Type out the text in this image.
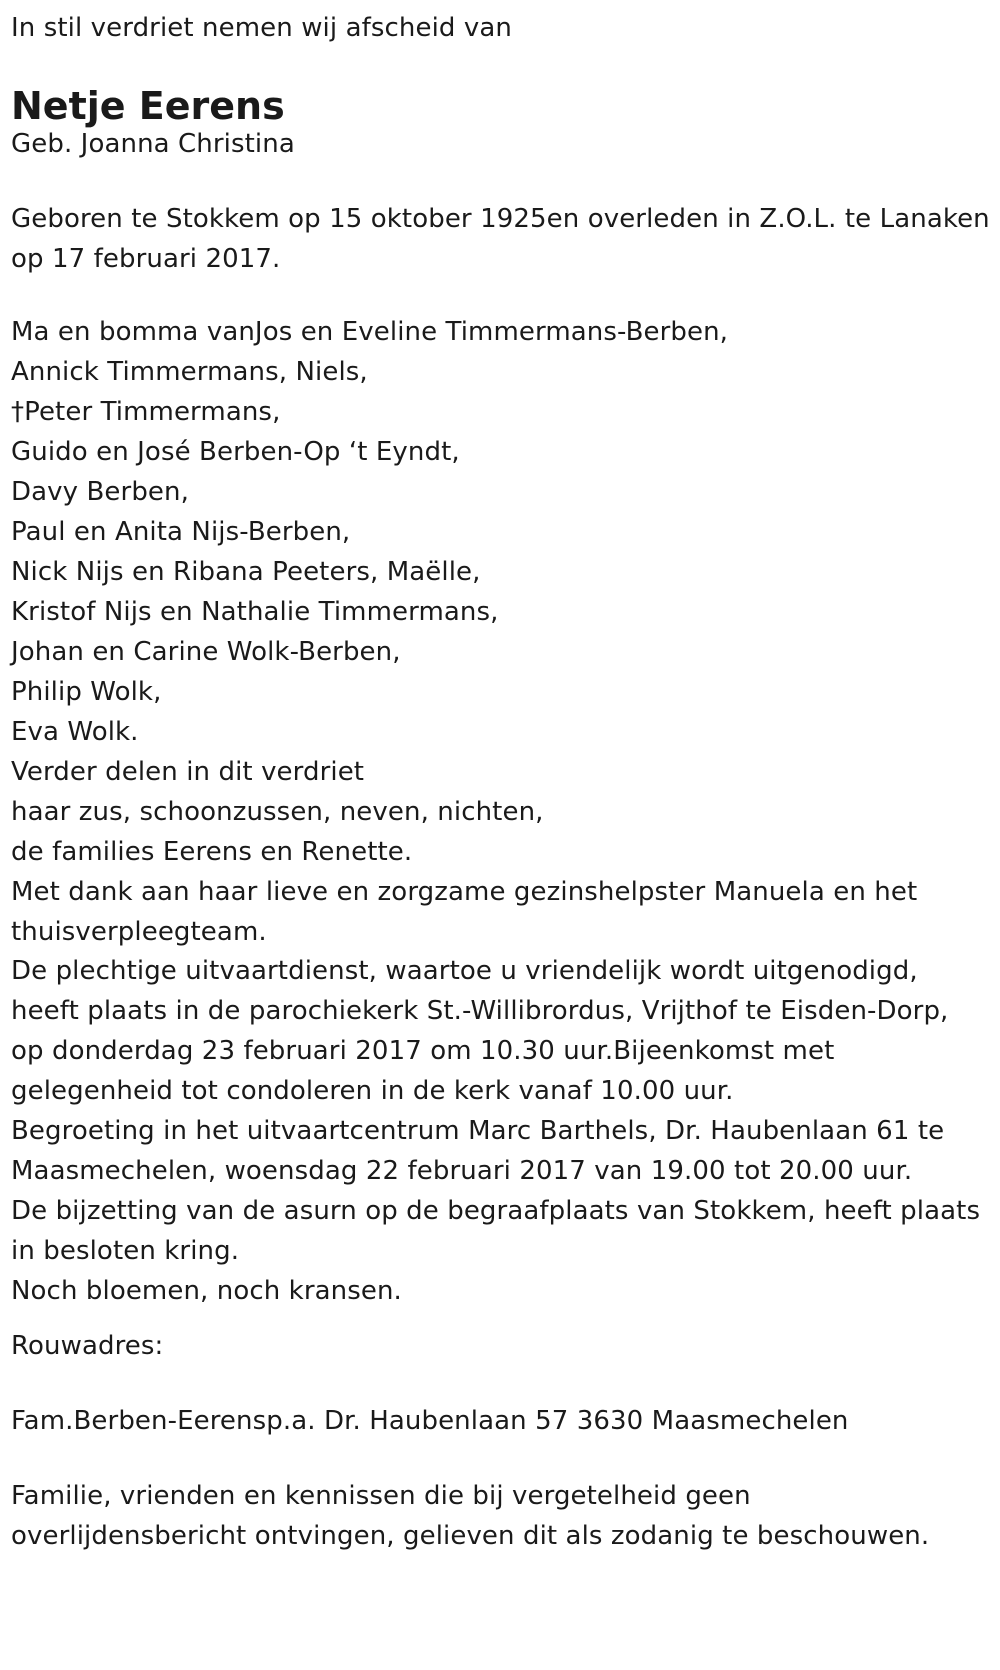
In stil verdriet nemen wij afscheid van
Netje Eerens
Geb. Joanna Christina
Geboren te Stokkem op 15 oktober 1925en overleden in Z.O.L. te Lanaken
op 17 februari 2017.
Ma en bomma vanJos en Eveline Timmermans-Berben,
Annick Timmermans, Niels,
†Peter Timmermans,
Guido en José Berben-Op ‘t Eyndt,
Davy Berben,
Paul en Anita Nijs-Berben,
Nick Nijs en Ribana Peeters, Maëlle,
Kristof Nijs en Nathalie Timmermans,
Johan en Carine Wolk-Berben,
Philip Wolk,
Eva Wolk.
Verder delen in dit verdriet
haar zus, schoonzussen, neven, nichten,
de families Eerens en Renette.
Met dank aan haar lieve en zorgzame gezinshelpster Manuela en het
thuisverpleegteam.
De plechtige uitvaartdienst, waartoe u vriendelijk wordt uitgenodigd,
heeft plaats in de parochiekerk St.-Willibrordus, Vrijthof te Eisden-Dorp,
op donderdag 23 februari 2017 om 10.30 uur.Bijeenkomst met
gelegenheid tot condoleren in de kerk vanaf 10.00 uur.
Begroeting in het uitvaartcentrum Marc Barthels, Dr. Haubenlaan 61 te
Maasmechelen, woensdag 22 februari 2017 van 19.00 tot 20.00 uur.
De bijzetting van de asurn op de begraafplaats van Stokkem, heeft plaats
in besloten kring.
Noch bloemen, noch kransen.
Rouwadres:
Fam.Berben-Eerensp.a. Dr. Haubenlaan 57 3630 Maasmechelen
Familie, vrienden en kennissen die bij vergetelheid geen
overlijdensbericht ontvingen, gelieven dit als zodanig te beschouwen.
